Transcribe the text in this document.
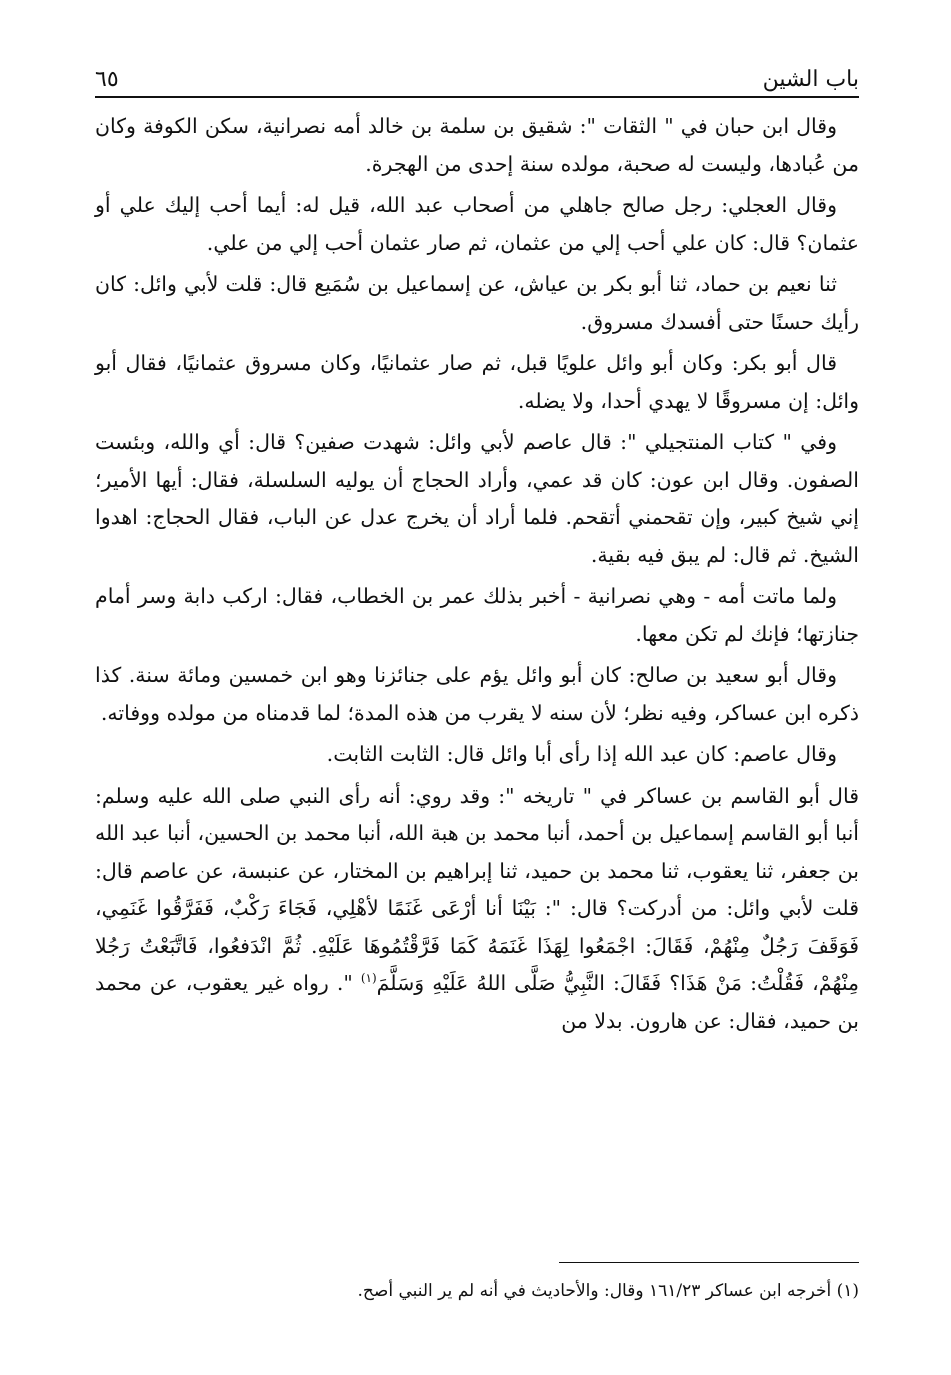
باب الشين
٦٥

وقال ابن حبان في " الثقات ": شقيق بن سلمة بن خالد أمه نصرانية، سكن الكوفة وكان من عُبادها، وليست له صحبة، مولده سنة إحدى من الهجرة.

وقال العجلي: رجل صالح جاهلي من أصحاب عبد الله، قيل له: أيما أحب إليك علي أو عثمان؟ قال: كان علي أحب إلي من عثمان، ثم صار عثمان أحب إلي من علي.

ثنا نعيم بن حماد، ثنا أبو بكر بن عياش، عن إسماعيل بن سُمَيع قال: قلت لأبي وائل: كان رأيك حسنًا حتى أفسدك مسروق.

قال أبو بكر: وكان أبو وائل علويًا قبل، ثم صار عثمانيًا، وكان مسروق عثمانيًا، فقال أبو وائل: إن مسروقًا لا يهدي أحدا، ولا يضله.

وفي " كتاب المنتجيلي ": قال عاصم لأبي وائل: شهدت صفين؟ قال: أي والله، وبئست الصفون. وقال ابن عون: كان قد عمي، وأراد الحجاج أن يوليه السلسلة، فقال: أيها الأمير؛ إني شيخ كبير، وإن تقحمني أتقحم. فلما أراد أن يخرج عدل عن الباب، فقال الحجاج: اهدوا الشيخ. ثم قال: لم يبق فيه بقية.

ولما ماتت أمه - وهي نصرانية - أخبر بذلك عمر بن الخطاب، فقال: اركب دابة وسر أمام جنازتها؛ فإنك لم تكن معها.

وقال أبو سعيد بن صالح: كان أبو وائل يؤم على جنائزنا وهو ابن خمسين ومائة سنة. كذا ذكره ابن عساكر، وفيه نظر؛ لأن سنه لا يقرب من هذه المدة؛ لما قدمناه من مولده ووفاته.

وقال عاصم: كان عبد الله إذا رأى أبا وائل قال: الثابت الثابت.

قال أبو القاسم بن عساكر في " تاريخه ": وقد روي: أنه رأى النبي صلى الله عليه وسلم: أنبا أبو القاسم إسماعيل بن أحمد، أنبا محمد بن هبة الله، أنبا محمد بن الحسين، أنبا عبد الله بن جعفر، ثنا يعقوب، ثنا محمد بن حميد، ثنا إبراهيم بن المختار، عن عنبسة، عن عاصم قال: قلت لأبي وائل: من أدركت؟ قال: ": بَيْنَا أنا أرْعَى غَنَمًا لأهْلِي، فَجَاءَ رَكْبٌ، فَفَرَّقُوا غَنَمِي، فَوَقَفَ رَجُلٌ مِنْهُمْ، فَقَالَ: اجْمَعُوا لِهَذَا غَنَمَهُ كَمَا فَرَّقْتُمُوهَا عَلَيْهِ. ثُمَّ انْدَفعُوا، فَاتَّبَعْتُ رَجُلا مِنْهُمْ، فَقُلْتُ: مَنْ هَذَا؟ فَقَالَ: النَّبِيُّ صَلَّى اللهُ عَلَيْهِ وَسَلَّمَ$^{(١)}$ ". رواه غير يعقوب، عن محمد بن حميد، فقال: عن هارون. بدلا من

(١) أخرجه ابن عساكر ١٦١/٢٣ وقال: والأحاديث في أنه لم ير النبي أصح.
